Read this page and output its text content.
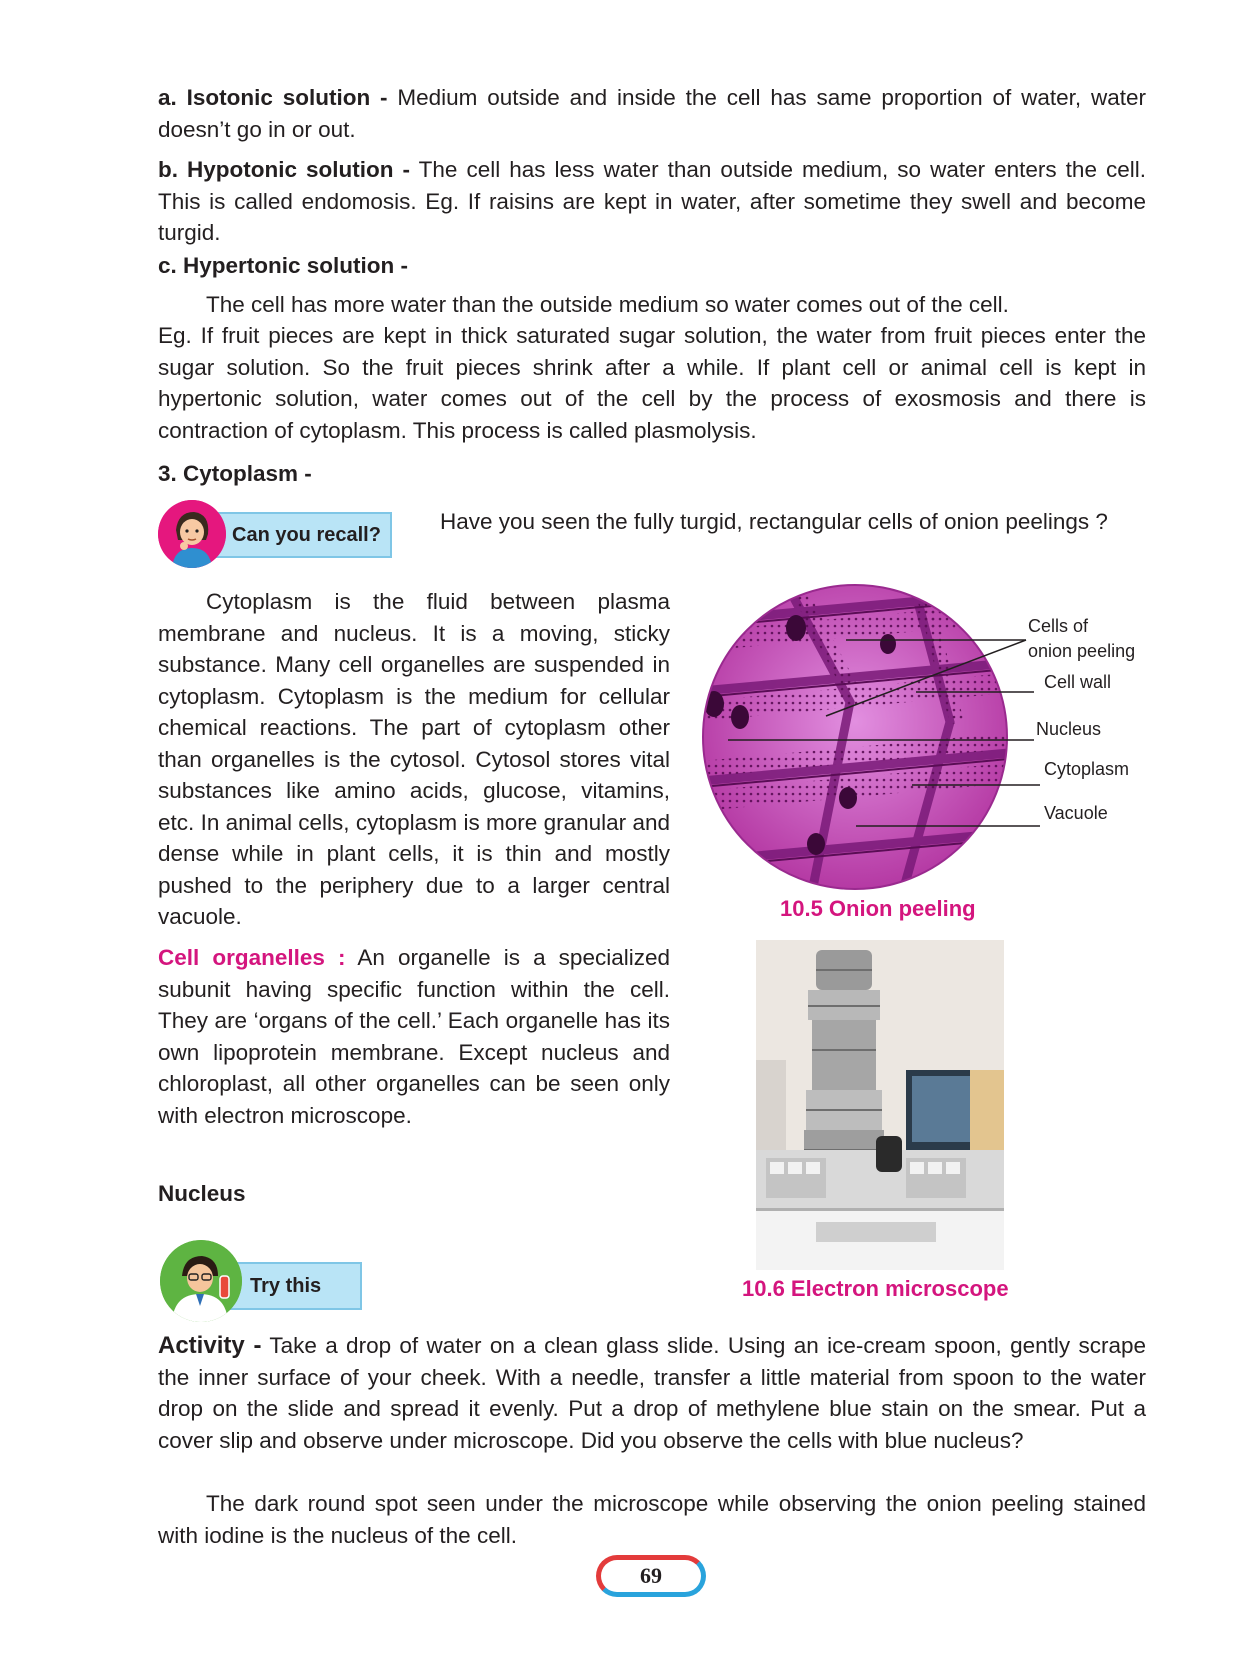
a. Isotonic solution - Medium outside and inside the cell has same proportion of water, water doesn’t go in or out.
b. Hypotonic solution - The cell has less water than outside medium, so water enters the cell. This is called endomosis. Eg. If raisins are kept in water, after sometime they swell and become turgid.
c. Hypertonic solution -
The cell has more water than the outside medium so water comes out of the cell.
Eg. If fruit pieces are kept in thick saturated sugar solution, the water from fruit pieces enter the sugar solution. So the fruit pieces shrink after a while. If plant cell or animal cell is kept in hypertonic solution, water comes out of the cell by the process of exosmosis and there is contraction of cytoplasm. This process is called plasmolysis.
3. Cytoplasm -
Can you recall?
Have you seen the fully turgid, rectangular cells of onion peelings ?
Cytoplasm is the fluid between plasma membrane and nucleus. It is a moving, sticky substance. Many cell organelles are suspended in cytoplasm. Cytoplasm is the medium for cellular chemical reactions. The part of cytoplasm other than organelles is the cytosol. Cytosol stores vital substances like amino acids, glucose, vitamins, etc. In animal cells, cytoplasm is more granular and dense while in plant cells, it is thin and mostly pushed to the periphery due to a larger central vacuole.
Cell organelles : An organelle is a specialized subunit having specific function within the cell. They are ‘organs of the cell.’ Each organelle has its own lipoprotein membrane. Except nucleus and chloroplast, all other organelles can be seen only with electron microscope.
Nucleus
Try this
Activity - Take a drop of water on a clean glass slide. Using an ice-cream spoon, gently scrape the inner surface of your cheek. With a needle, transfer a little material from spoon to the water drop on the slide and spread it evenly. Put a drop of methylene blue stain on the smear. Put a cover slip and observe under microscope. Did you observe the cells with blue nucleus?
The dark round spot seen under the microscope while observing the onion peeling stained with iodine is the nucleus of the cell.
Cells of
onion peeling
Cell wall
Nucleus
Cytoplasm
Vacuole
10.5 Onion peeling
10.6 Electron microscope
69
